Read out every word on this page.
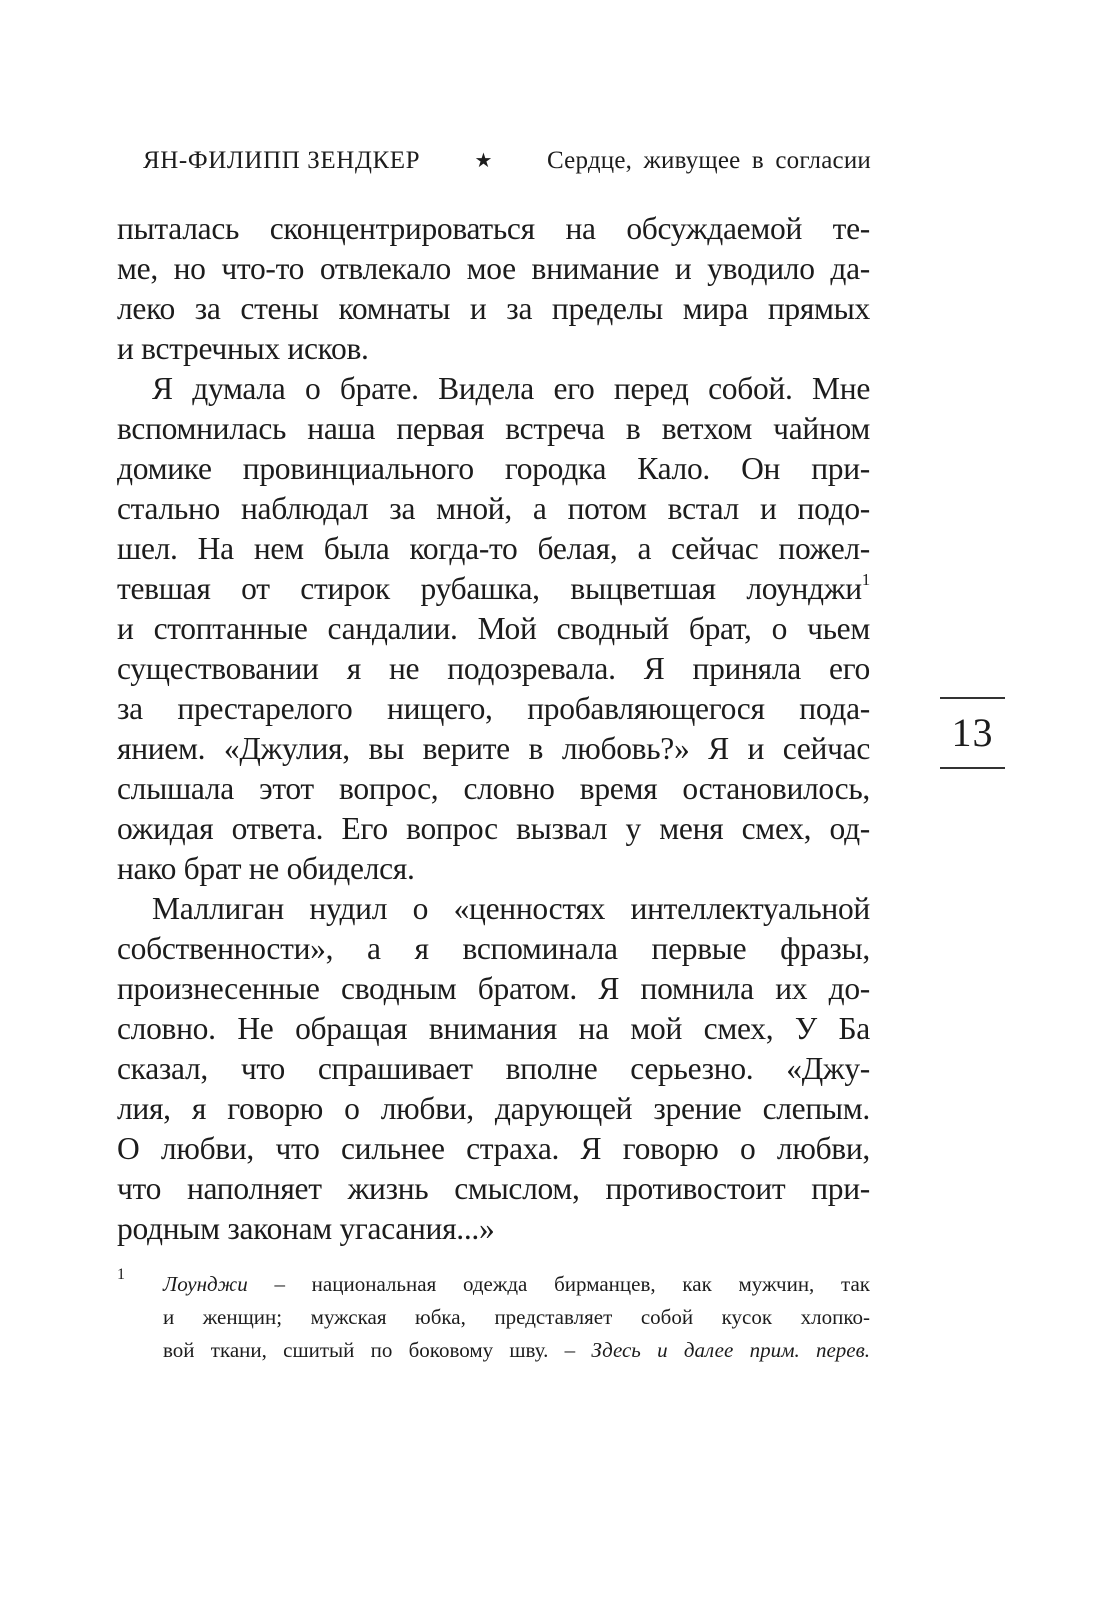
ЯН-ФИЛИПП ЗЕНДКЕР	★ Сердце, живущее в согласии
пыталась сконцентрироваться на обсуждаемой те-
ме, но что-то отвлекало мое внимание и уводило да-
леко за стены комнаты и за пределы мира прямых
и встречных исков.
Я думала о брате. Видела его перед собой. Мне
вспомнилась наша первая встреча в ветхом чайном
домике провинциального городка Кало. Он при-
стально наблюдал за мной, а потом встал и подо-
шел. На нем была когда-то белая, а сейчас пожел-
тевшая от стирок рубашка, выцветшая лоунджи$^1$
и стоптанные сандалии. Мой сводный брат, о чьем
существовании я не подозревала. Я приняла его
за престарелого нищего, пробавляющегося пода-
янием. «Джулия, вы верите в любовь?» Я и сейчас
слышала этот вопрос, словно время остановилось,
ожидая ответа. Его вопрос вызвал у меня смех, од-
нако брат не обиделся.
Маллиган нудил о «ценностях интеллектуальной
собственности», а я вспоминала первые фразы,
произнесенные сводным братом. Я помнила их до-
словно. Не обращая внимания на мой смех, У Ба
сказал, что спрашивает вполне серьезно. «Джу-
лия, я говорю о любви, дарующей зрение слепым.
О любви, что сильнее страха. Я говорю о любви,
что наполняет жизнь смыслом, противостоит при-
родным законам угасания...»
13
1 Лоунджи – национальная одежда бирманцев, как мужчин, так
и женщин; мужская юбка, представляет собой кусок хлопко-
вой ткани, сшитый по боковому шву. – Здесь и далее прим. перев.
